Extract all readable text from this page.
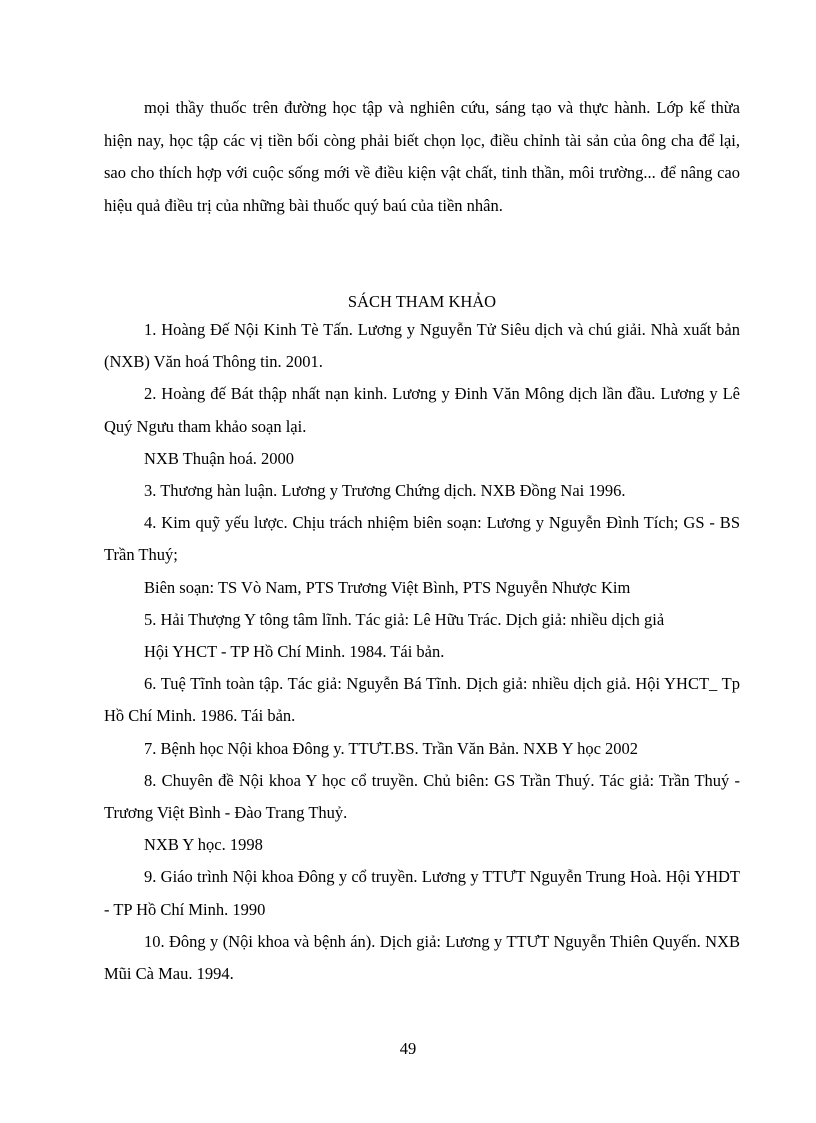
mọi thầy thuốc trên đường học tập và nghiên cứu, sáng tạo và thực hành. Lớp kế thừa hiện nay, học tập các vị tiền bối còng phải biết chọn lọc, điều chỉnh tài sản của ông cha để lại, sao cho thích hợp với cuộc sống mới về điều kiện vật chất, tinh thần, môi trường... để nâng cao hiệu quả điều trị của những bài thuốc quý baú của tiền nhân.

SÁCH THAM KHẢO

1. Hoàng Đế Nội Kinh Tè Tấn. Lương y Nguyễn Tử Siêu dịch và chú giải. Nhà xuất bản (NXB) Văn hoá Thông tin. 2001.

2. Hoàng đế Bát thập nhất nạn kinh. Lương y Đinh Văn Mông dịch lần đầu. Lương y Lê Quý Ngưu tham khảo soạn lại.

NXB Thuận hoá. 2000

3. Thương hàn luận. Lương y Trương Chứng dịch. NXB Đồng Nai 1996.

4. Kim quỹ yếu lược. Chịu trách nhiệm biên soạn: Lương y Nguyễn Đình Tích; GS - BS Trần Thuý;

Biên soạn: TS Vò Nam, PTS Trương Việt Bình, PTS Nguyễn Nhược Kim

5. Hải Thượng Y tông tâm lĩnh. Tác giả: Lê Hữu Trác. Dịch giả: nhiều dịch giả

Hội YHCT - TP Hồ Chí Minh. 1984. Tái bản.

6. Tuệ Tĩnh toàn tập. Tác giả: Nguyễn Bá Tĩnh. Dịch giả: nhiều dịch giả. Hội YHCT_ Tp Hồ Chí Minh. 1986. Tái bản.

7. Bệnh học Nội khoa Đông y. TTƯT.BS. Trần Văn Bản. NXB Y học 2002

8. Chuyên đề Nội khoa Y học cổ truyền. Chủ biên: GS Trần Thuý. Tác giả: Trần Thuý - Trương Việt Bình - Đào Trang Thuỷ.

NXB Y học. 1998

9. Giáo trình Nội khoa Đông y cổ truyền. Lương y TTƯT Nguyễn Trung Hoà. Hội YHDT - TP Hồ Chí Minh. 1990

10. Đông y (Nội khoa và bệnh án). Dịch giả: Lương y TTƯT Nguyễn Thiên Quyến. NXB Mũi Cà Mau. 1994.

49
